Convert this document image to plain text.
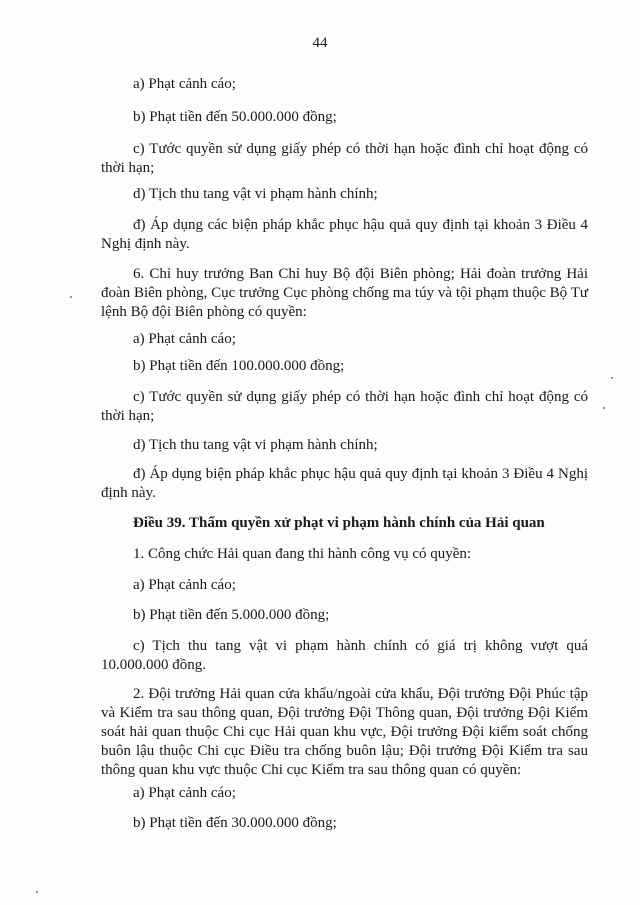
44
a) Phạt cảnh cáo;
b) Phạt tiền đến 50.000.000 đồng;
c) Tước quyền sử dụng giấy phép có thời hạn hoặc đình chỉ hoạt động có thời hạn;
d) Tịch thu tang vật vi phạm hành chính;
đ) Áp dụng các biện pháp khắc phục hậu quả quy định tại khoản 3 Điều 4 Nghị định này.
6. Chỉ huy trưởng Ban Chỉ huy Bộ đội Biên phòng; Hải đoàn trưởng Hải đoàn Biên phòng, Cục trưởng Cục phòng chống ma túy và tội phạm thuộc Bộ Tư lệnh Bộ đội Biên phòng có quyền:
a) Phạt cảnh cáo;
b) Phạt tiền đến 100.000.000 đồng;
c) Tước quyền sử dụng giấy phép có thời hạn hoặc đình chỉ hoạt động có thời hạn;
d) Tịch thu tang vật vi phạm hành chính;
đ) Áp dụng biện pháp khắc phục hậu quả quy định tại khoản 3 Điều 4 Nghị định này.
Điều 39. Thẩm quyền xử phạt vi phạm hành chính của Hải quan
1. Công chức Hải quan đang thi hành công vụ có quyền:
a) Phạt cảnh cáo;
b) Phạt tiền đến 5.000.000 đồng;
c) Tịch thu tang vật vi phạm hành chính có giá trị không vượt quá 10.000.000 đồng.
2. Đội trưởng Hải quan cửa khẩu/ngoài cửa khẩu, Đội trưởng Đội Phúc tập và Kiểm tra sau thông quan, Đội trưởng Đội Thông quan, Đội trưởng Đội Kiểm soát hải quan thuộc Chi cục Hải quan khu vực, Đội trưởng Đội kiểm soát chống buôn lậu thuộc Chi cục Điều tra chống buôn lậu; Đội trưởng Đội Kiểm tra sau thông quan khu vực thuộc Chi cục Kiểm tra sau thông quan có quyền:
a) Phạt cảnh cáo;
b) Phạt tiền đến 30.000.000 đồng;
